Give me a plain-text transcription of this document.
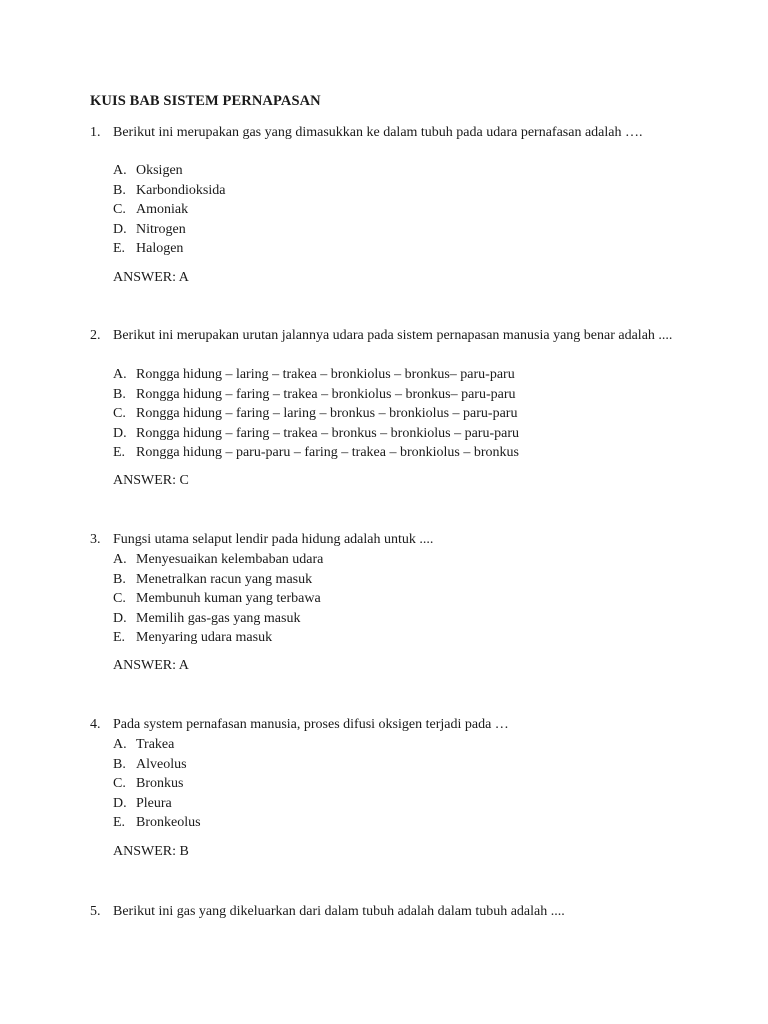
KUIS BAB SISTEM PERNAPASAN
1. Berikut ini merupakan gas yang dimasukkan ke dalam tubuh pada udara pernafasan adalah ….
A. Oksigen
B. Karbondioksida
C. Amoniak
D. Nitrogen
E. Halogen
ANSWER: A
2. Berikut ini merupakan urutan jalannya udara pada sistem pernapasan manusia yang benar adalah ....
A. Rongga hidung – laring – trakea – bronkiolus – bronkus– paru-paru
B. Rongga hidung – faring – trakea – bronkiolus – bronkus– paru-paru
C. Rongga hidung – faring – laring – bronkus – bronkiolus – paru-paru
D. Rongga hidung – faring – trakea – bronkus – bronkiolus – paru-paru
E. Rongga hidung – paru-paru – faring – trakea – bronkiolus – bronkus
ANSWER: C
3. Fungsi utama selaput lendir pada hidung adalah untuk ....
A. Menyesuaikan kelembaban udara
B. Menetralkan racun yang masuk
C. Membunuh kuman yang terbawa
D. Memilih gas-gas yang masuk
E. Menyaring udara masuk
ANSWER: A
4. Pada system pernafasan manusia, proses difusi oksigen terjadi pada …
A. Trakea
B. Alveolus
C. Bronkus
D. Pleura
E. Bronkeolus
ANSWER: B
5. Berikut ini gas yang dikeluarkan dari dalam tubuh adalah dalam tubuh adalah ....
